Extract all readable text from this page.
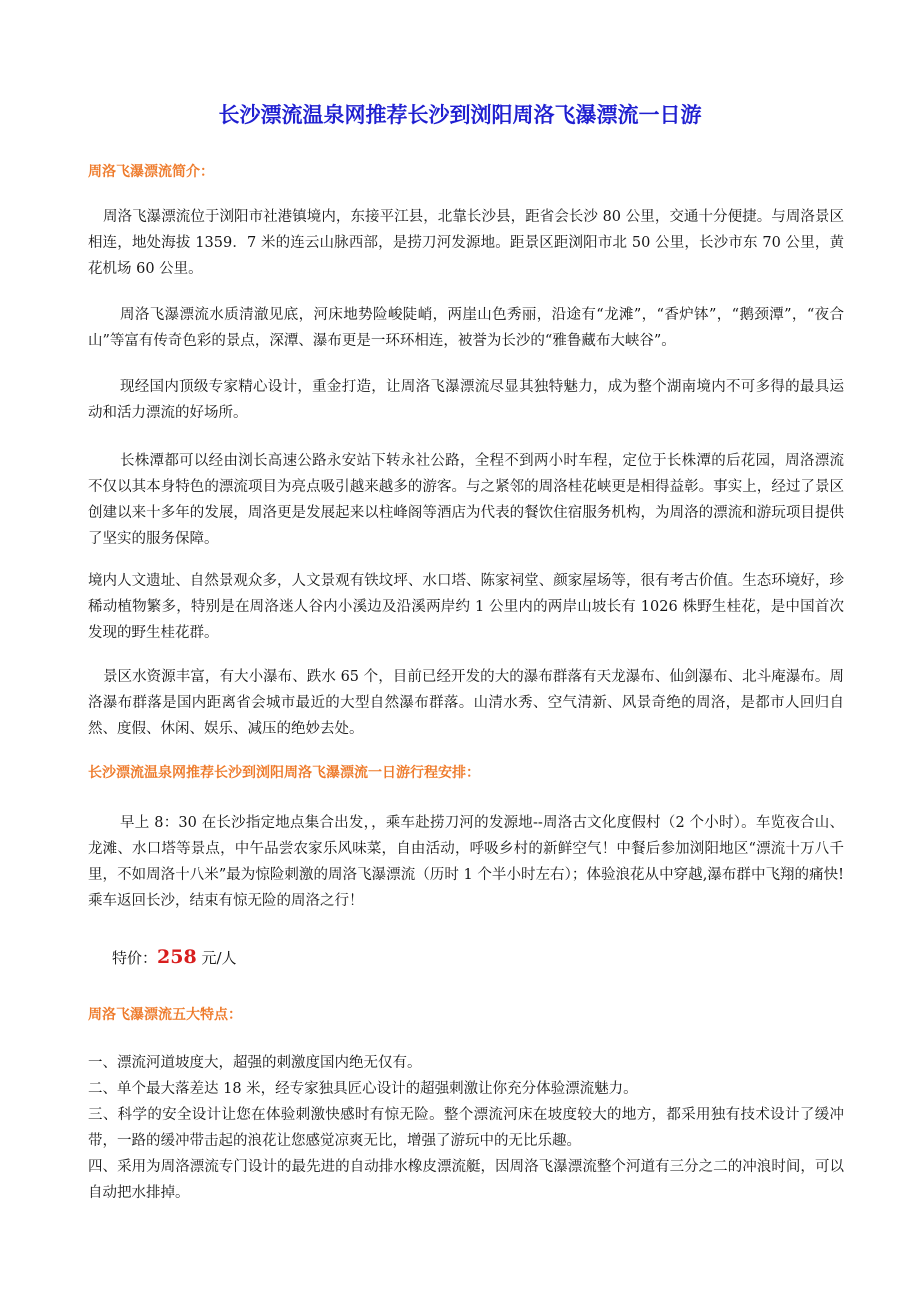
长沙漂流温泉网推荐长沙到浏阳周洛飞瀑漂流一日游
周洛飞瀑漂流简介：

周洛飞瀑漂流位于浏阳市社港镇境内，东接平江县，北靠长沙县，距省会长沙 80 公里，交通十分便捷。与周洛景区相连，地处海拔 1359．7 米的连云山脉西部，是捞刀河发源地。距景区距浏阳市北 50 公里，长沙市东 70 公里，黄花机场 60 公里。

周洛飞瀑漂流水质清澈见底，河床地势险峻陡峭，两崖山色秀丽，沿途有“龙滩”，“香炉钵”，“鹅颈潭”，“夜合山”等富有传奇色彩的景点，深潭、瀑布更是一环环相连，被誉为长沙的“雅鲁藏布大峡谷”。

现经国内顶级专家精心设计，重金打造，让周洛飞瀑漂流尽显其独特魅力，成为整个湖南境内不可多得的最具运动和活力漂流的好场所。

长株潭都可以经由浏长高速公路永安站下转永社公路，全程不到两小时车程，定位于长株潭的后花园，周洛漂流不仅以其本身特色的漂流项目为亮点吸引越来越多的游客。与之紧邻的周洛桂花峡更是相得益彰。事实上，经过了景区创建以来十多年的发展，周洛更是发展起来以柱峰阁等酒店为代表的餐饮住宿服务机构，为周洛的漂流和游玩项目提供了坚实的服务保障。

境内人文遗址、自然景观众多，人文景观有铁坟坪、水口塔、陈家祠堂、颜家屋场等，很有考古价值。生态环境好，珍稀动植物繁多，特别是在周洛迷人谷内小溪边及沿溪两岸约 1 公里内的两岸山坡长有 1026 株野生桂花，是中国首次发现的野生桂花群。

景区水资源丰富，有大小瀑布、跌水 65 个，目前已经开发的大的瀑布群落有天龙瀑布、仙剑瀑布、北斗庵瀑布。周洛瀑布群落是国内距离省会城市最近的大型自然瀑布群落。山清水秀、空气清新、风景奇绝的周洛，是都市人回归自然、度假、休闲、娱乐、减压的绝妙去处。

长沙漂流温泉网推荐长沙到浏阳周洛飞瀑漂流一日游行程安排：

早上 8：30 在长沙指定地点集合出发，，乘车赴捞刀河的发源地--周洛古文化度假村（2 个小时）。车览夜合山、龙滩、水口塔等景点，中午品尝农家乐风味菜，自由活动，呼吸乡村的新鲜空气！中餐后参加浏阳地区“漂流十万八千里，不如周洛十八米”最为惊险刺激的周洛飞瀑漂流（历时 1 个半小时左右）；体验浪花从中穿越,瀑布群中飞翔的痛快!乘车返回长沙，结束有惊无险的周洛之行！

特价：258 元/人

周洛飞瀑漂流五大特点：
一、漂流河道坡度大，超强的刺激度国内绝无仅有。
二、单个最大落差达 18 米，经专家独具匠心设计的超强刺激让你充分体验漂流魅力。
三、科学的安全设计让您在体验刺激快感时有惊无险。整个漂流河床在坡度较大的地方，都采用独有技术设计了缓冲带，一路的缓冲带击起的浪花让您感觉凉爽无比，增强了游玩中的无比乐趣。
四、采用为周洛漂流专门设计的最先进的自动排水橡皮漂流艇，因周洛飞瀑漂流整个河道有三分之二的冲浪时间，可以自动把水排掉。
